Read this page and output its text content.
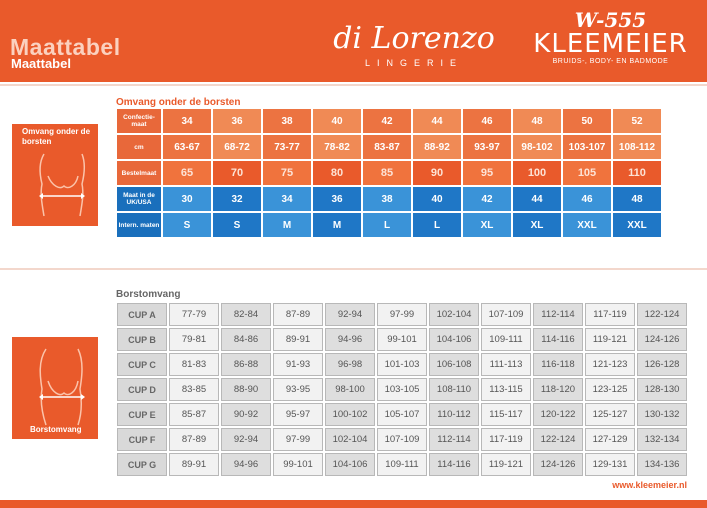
Maattabel
Maattabel
di Lorenzo
LINGERIE
W-555
KLEEMEIER
BRUIDS-, BODY- EN BADMODE
Omvang onder de borsten
Omvang onder de borsten
Confectie-maat	34	36	38	40	42	44	46	48	50	52
cm	63-67	68-72	73-77	78-82	83-87	88-92	93-97	98-102	103-107	108-112
Bestelmaat	65	70	75	80	85	90	95	100	105	110
Maat in de UK/USA	30	32	34	36	38	40	42	44	46	48
Intern. maten	S	S	M	M	L	L	XL	XL	XXL	XXL
Borstomvang
Borstomvang
CUP A	77-79	82-84	87-89	92-94	97-99	102-104	107-109	112-114	117-119	122-124
CUP B	79-81	84-86	89-91	94-96	99-101	104-106	109-111	114-116	119-121	124-126
CUP C	81-83	86-88	91-93	96-98	101-103	106-108	111-113	116-118	121-123	126-128
CUP D	83-85	88-90	93-95	98-100	103-105	108-110	113-115	118-120	123-125	128-130
CUP E	85-87	90-92	95-97	100-102	105-107	110-112	115-117	120-122	125-127	130-132
CUP F	87-89	92-94	97-99	102-104	107-109	112-114	117-119	122-124	127-129	132-134
CUP G	89-91	94-96	99-101	104-106	109-111	114-116	119-121	124-126	129-131	134-136
www.kleemeier.nl
